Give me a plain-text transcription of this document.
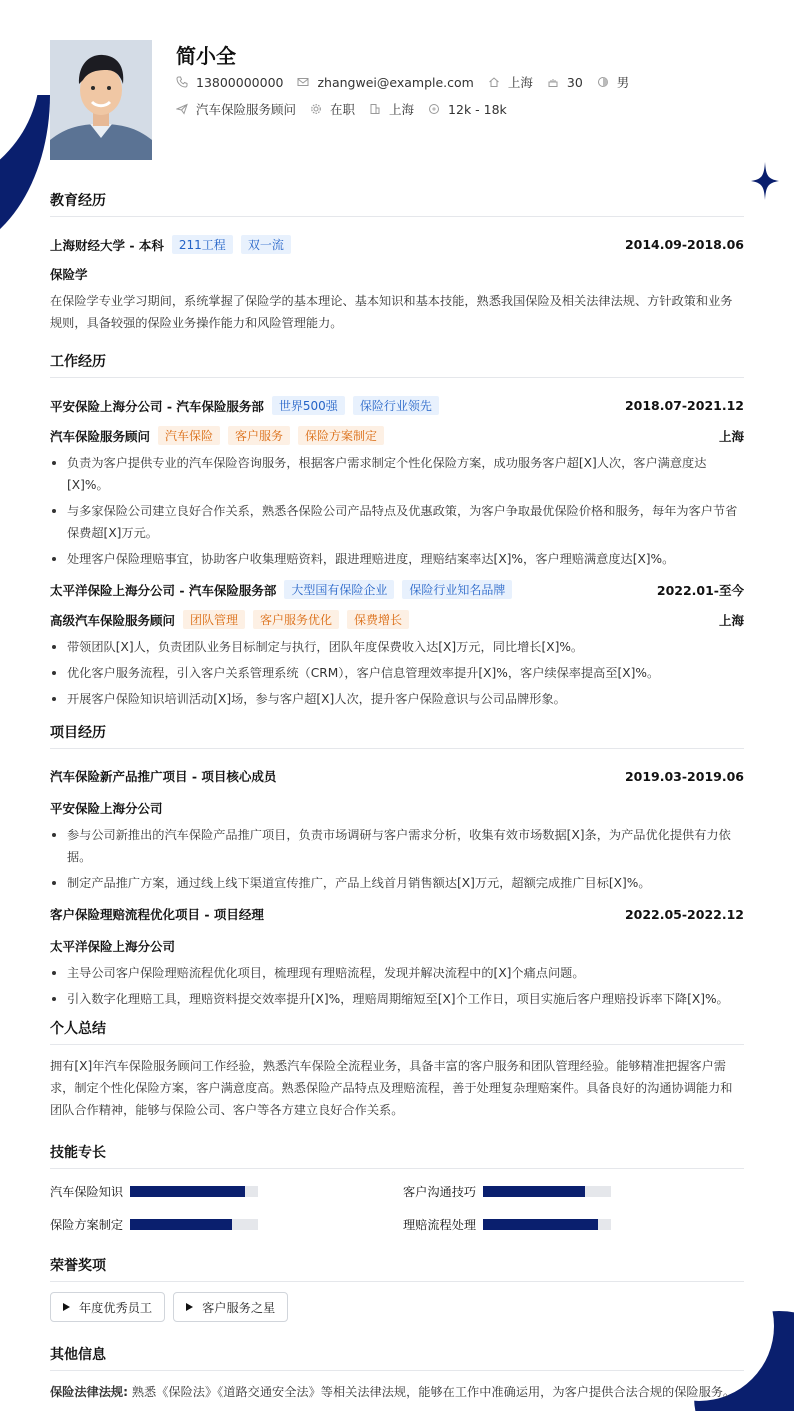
简小全
13800000000	zhangwei@example.com	上海	30	男
汽车保险服务顾问	在职	上海	12k - 18k
教育经历
上海财经大学 - 本科	211工程	双一流	2014.09-2018.06
保险学
在保险学专业学习期间，系统掌握了保险学的基本理论、基本知识和基本技能，熟悉我国保险及相关法律法规、方针政策和业务规则，具备较强的保险业务操作能力和风险管理能力。
工作经历
平安保险上海分公司 - 汽车保险服务部	世界500强	保险行业领先	2018.07-2021.12
汽车保险服务顾问	汽车保险	客户服务	保险方案制定	上海
负责为客户提供专业的汽车保险咨询服务，根据客户需求制定个性化保险方案，成功服务客户超[X]人次，客户满意度达[X]%。
与多家保险公司建立良好合作关系，熟悉各保险公司产品特点及优惠政策，为客户争取最优保险价格和服务，每年为客户节省保费超[X]万元。
处理客户保险理赔事宜，协助客户收集理赔资料，跟进理赔进度，理赔结案率达[X]%，客户理赔满意度达[X]%。
太平洋保险上海分公司 - 汽车保险服务部	大型国有保险企业	保险行业知名品牌	2022.01-至今
高级汽车保险服务顾问	团队管理	客户服务优化	保费增长	上海
带领团队[X]人，负责团队业务目标制定与执行，团队年度保费收入达[X]万元，同比增长[X]%。
优化客户服务流程，引入客户关系管理系统（CRM），客户信息管理效率提升[X]%，客户续保率提高至[X]%。
开展客户保险知识培训活动[X]场，参与客户超[X]人次，提升客户保险意识与公司品牌形象。
项目经历
汽车保险新产品推广项目 - 项目核心成员	2019.03-2019.06
平安保险上海分公司
参与公司新推出的汽车保险产品推广项目，负责市场调研与客户需求分析，收集有效市场数据[X]条，为产品优化提供有力依据。
制定产品推广方案，通过线上线下渠道宣传推广，产品上线首月销售额达[X]万元，超额完成推广目标[X]%。
客户保险理赔流程优化项目 - 项目经理	2022.05-2022.12
太平洋保险上海分公司
主导公司客户保险理赔流程优化项目，梳理现有理赔流程，发现并解决流程中的[X]个痛点问题。
引入数字化理赔工具，理赔资料提交效率提升[X]%，理赔周期缩短至[X]个工作日，项目实施后客户理赔投诉率下降[X]%。
个人总结
拥有[X]年汽车保险服务顾问工作经验，熟悉汽车保险全流程业务，具备丰富的客户服务和团队管理经验。能够精准把握客户需求，制定个性化保险方案，客户满意度高。熟悉保险产品特点及理赔流程，善于处理复杂理赔案件。具备良好的沟通协调能力和团队合作精神，能够与保险公司、客户等各方建立良好合作关系。
技能专长
汽车保险知识	客户沟通技巧
保险方案制定	理赔流程处理
荣誉奖项
年度优秀员工	客户服务之星
其他信息
保险法律法规: 熟悉《保险法》《道路交通安全法》等相关法律法规，能够在工作中准确运用，为客户提供合法合规的保险服务。
